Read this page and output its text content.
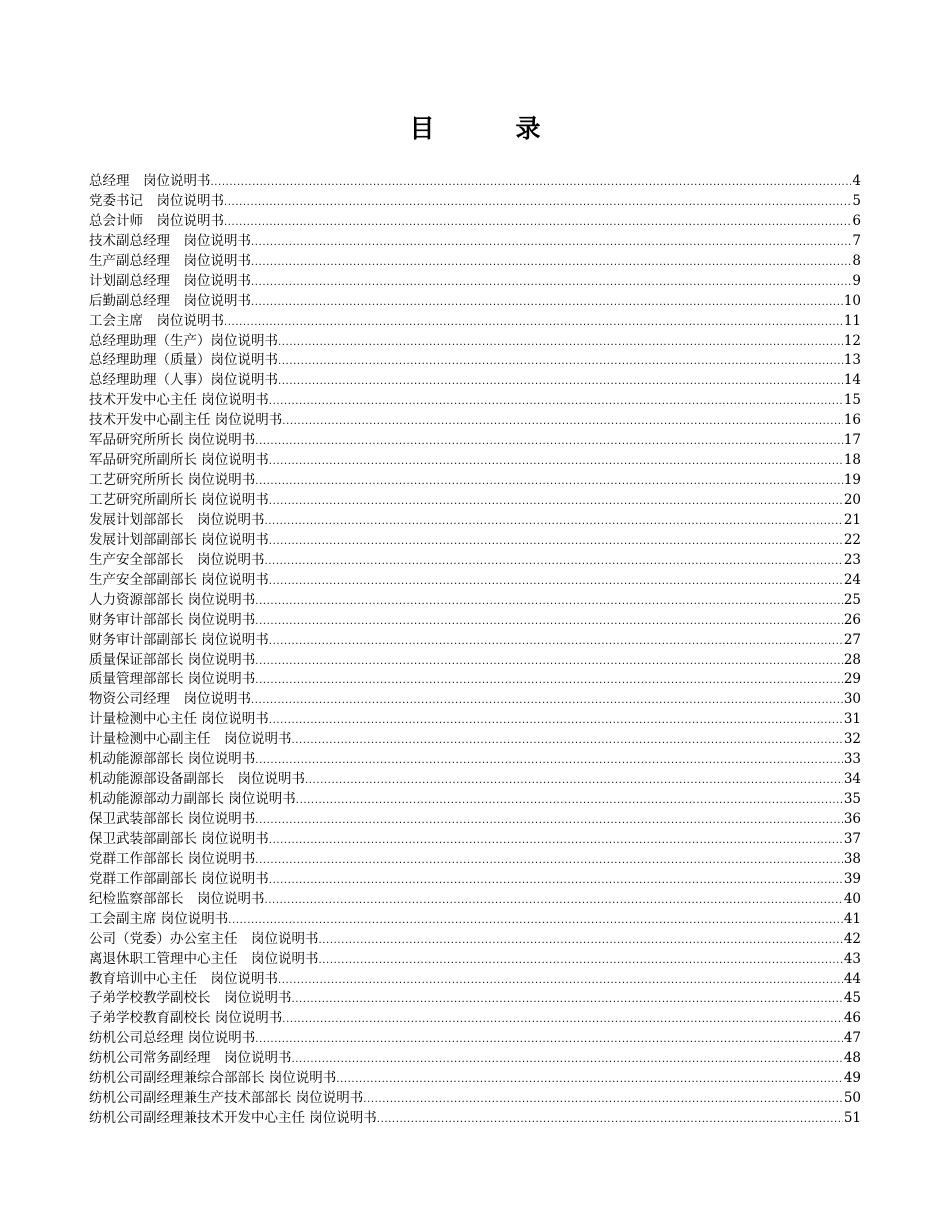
目　录
总经理　岗位说明书 .....	4
党委书记　岗位说明书 .....	5
总会计师　岗位说明书 .....	6
技术副总经理　岗位说明书 .....	7
生产副总经理　岗位说明书 .....	8
计划副总经理　岗位说明书 .....	9
后勤副总经理　岗位说明书 .....	10
工会主席　岗位说明书 .....	11
总经理助理（生产）岗位说明书 .....	12
总经理助理（质量）岗位说明书 .....	13
总经理助理（人事）岗位说明书 .....	14
技术开发中心主任 岗位说明书 .....	15
技术开发中心副主任 岗位说明书 .....	16
军品研究所所长 岗位说明书 .....	17
军品研究所副所长 岗位说明书 .....	18
工艺研究所所长 岗位说明书 .....	19
工艺研究所副所长 岗位说明书 .....	20
发展计划部部长　岗位说明书 .....	21
发展计划部副部长 岗位说明书 .....	22
生产安全部部长　岗位说明书 .....	23
生产安全部副部长 岗位说明书 .....	24
人力资源部部长 岗位说明书 .....	25
财务审计部部长 岗位说明书 .....	26
财务审计部副部长 岗位说明书 .....	27
质量保证部部长 岗位说明书 .....	28
质量管理部部长 岗位说明书 .....	29
物资公司经理　岗位说明书 .....	30
计量检测中心主任 岗位说明书 .....	31
计量检测中心副主任　岗位说明书 .....	32
机动能源部部长 岗位说明书 .....	33
机动能源部设备副部长　岗位说明书 .....	34
机动能源部动力副部长 岗位说明书 .....	35
保卫武装部部长 岗位说明书 .....	36
保卫武装部副部长 岗位说明书 .....	37
党群工作部部长 岗位说明书 .....	38
党群工作部副部长 岗位说明书 .....	39
纪检监察部部长　岗位说明书 .....	40
工会副主席 岗位说明书 .....	41
公司（党委）办公室主任　岗位说明书 .....	42
离退休职工管理中心主任　岗位说明书 .....	43
教育培训中心主任　岗位说明书 .....	44
子弟学校教学副校长　岗位说明书 .....	45
子弟学校教育副校长 岗位说明书 .....	46
纺机公司总经理 岗位说明书 .....	47
纺机公司常务副经理　岗位说明书 .....	48
纺机公司副经理兼综合部部长 岗位说明书 .....	49
纺机公司副经理兼生产技术部部长 岗位说明书 .....	50
纺机公司副经理兼技术开发中心主任 岗位说明书 .....	51
